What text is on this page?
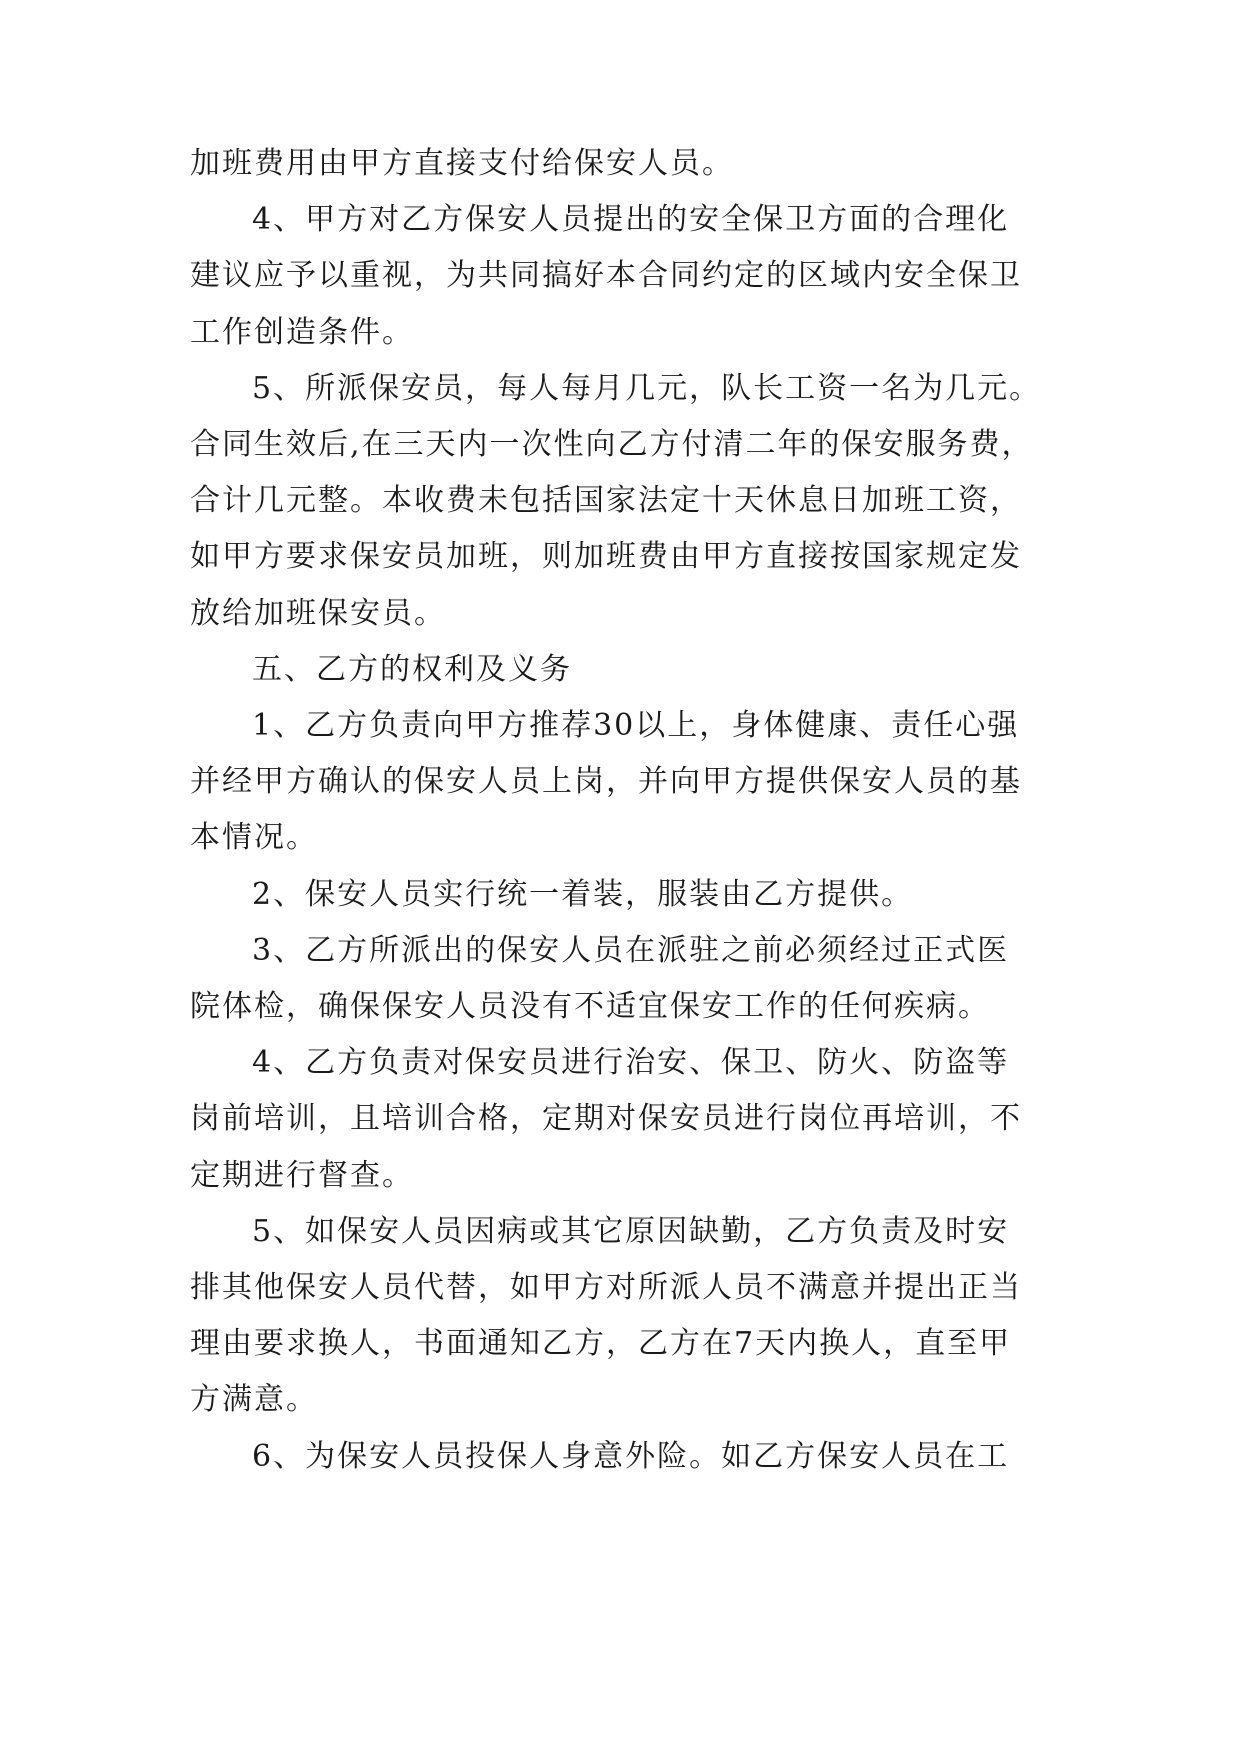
加班费用由甲方直接支付给保安人员。
4、甲方对乙方保安人员提出的安全保卫方面的合理化
建议应予以重视，为共同搞好本合同约定的区域内安全保卫
工作创造条件。
5、所派保安员，每人每月几元，队长工资一名为几元。
合同生效后,在三天内一次性向乙方付清二年的保安服务费，
合计几元整。本收费未包括国家法定十天休息日加班工资，
如甲方要求保安员加班，则加班费由甲方直接按国家规定发
放给加班保安员。
五、乙方的权利及义务
1、乙方负责向甲方推荐30以上，身体健康、责任心强
并经甲方确认的保安人员上岗，并向甲方提供保安人员的基
本情况。
2、保安人员实行统一着装，服装由乙方提供。
3、乙方所派出的保安人员在派驻之前必须经过正式医
院体检，确保保安人员没有不适宜保安工作的任何疾病。
4、乙方负责对保安员进行治安、保卫、防火、防盗等
岗前培训，且培训合格，定期对保安员进行岗位再培训，不
定期进行督查。
5、如保安人员因病或其它原因缺勤，乙方负责及时安
排其他保安人员代替，如甲方对所派人员不满意并提出正当
理由要求换人，书面通知乙方，乙方在7天内换人，直至甲
方满意。
6、为保安人员投保人身意外险。如乙方保安人员在工
